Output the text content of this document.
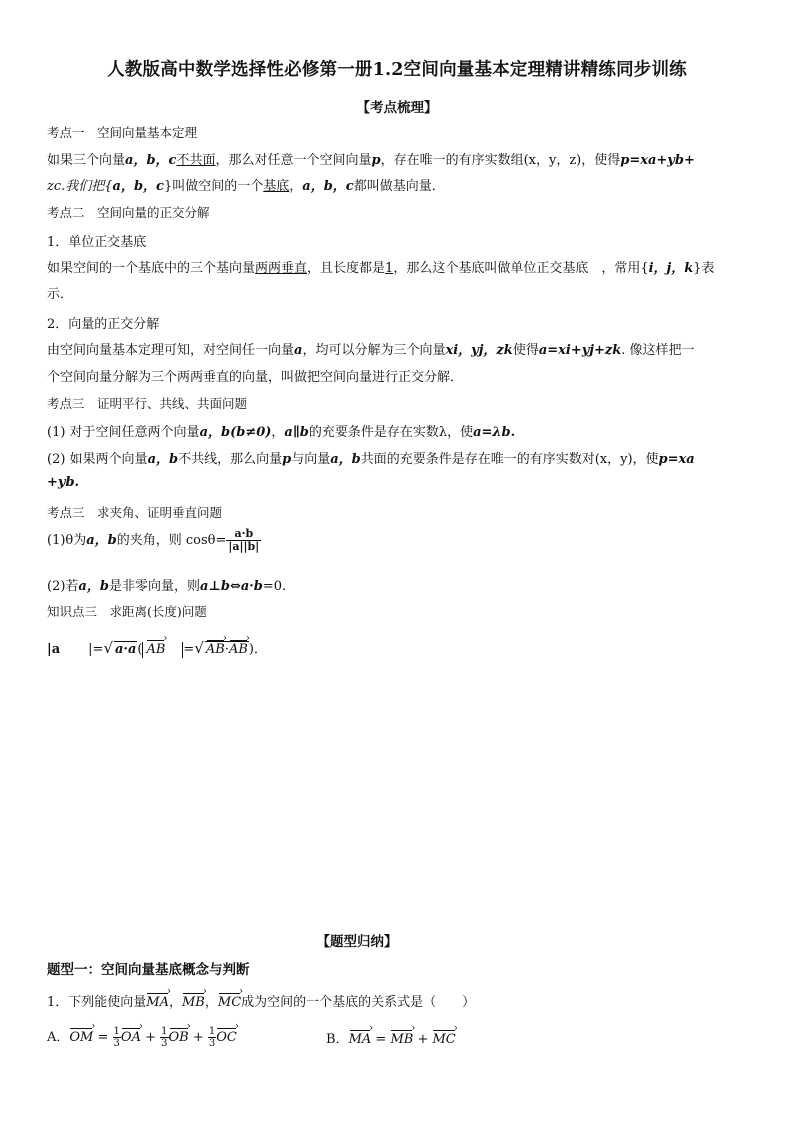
人教版高中数学选择性必修第一册1.2空间向量基本定理精讲精练同步训练
【考点梳理】
考点一　空间向量基本定理
如果三个向量a，b，c不共面，那么对任意一个空间向量p，存在唯一的有序实数组(x，y，z)，使得p=xa+yb+
zc.我们把{a，b，c}叫做空间的一个基底，a，b，c都叫做基向量．
考点二　空间向量的正交分解
1．单位正交基底
如果空间的一个基底中的三个基向量两两垂直，且长度都是1，那么这个基底叫做单位正交基底　，常用{i，j，k}表
示．
2．向量的正交分解
由空间向量基本定理可知，对空间任一向量a，均可以分解为三个向量xi，yj，zk使得a=xi+yj+zk. 像这样把一
个空间向量分解为三个两两垂直的向量，叫做把空间向量进行正交分解．
考点三　证明平行、共线、共面问题
(1) 对于空间任意两个向量a，b(b≠0)，a∥b的充要条件是存在实数λ，使a=λb.
(2) 如果两个向量a，b不共线，那么向量p与向量a，b共面的充要条件是存在唯一的有序实数对(x，y)，使p=xa
+yb.
考点三　求夹角、证明垂直问题
(1)θ为a，b的夹角，则 $\cos\theta= \frac{a\cdot b}{|a||b|}$
(2)若a，b是非零向量，则a⊥b⇔a·b=0.
知识点三　求距离(长度)问题
|a |=√ a·a( AB › =√ AB ›·AB ›)．
【题型归纳】
题型一：空间向量基底概念与判断
1．下列能使向量MA ›，MB ›，MC ›成为空间的一个基底的关系式是（　　）
A．OM › = $\frac{1}{3}$ OA › + $\frac{1}{3}$ OB › + $\frac{1}{3}$ OC ›	B．MA › = MB › + MC ›
